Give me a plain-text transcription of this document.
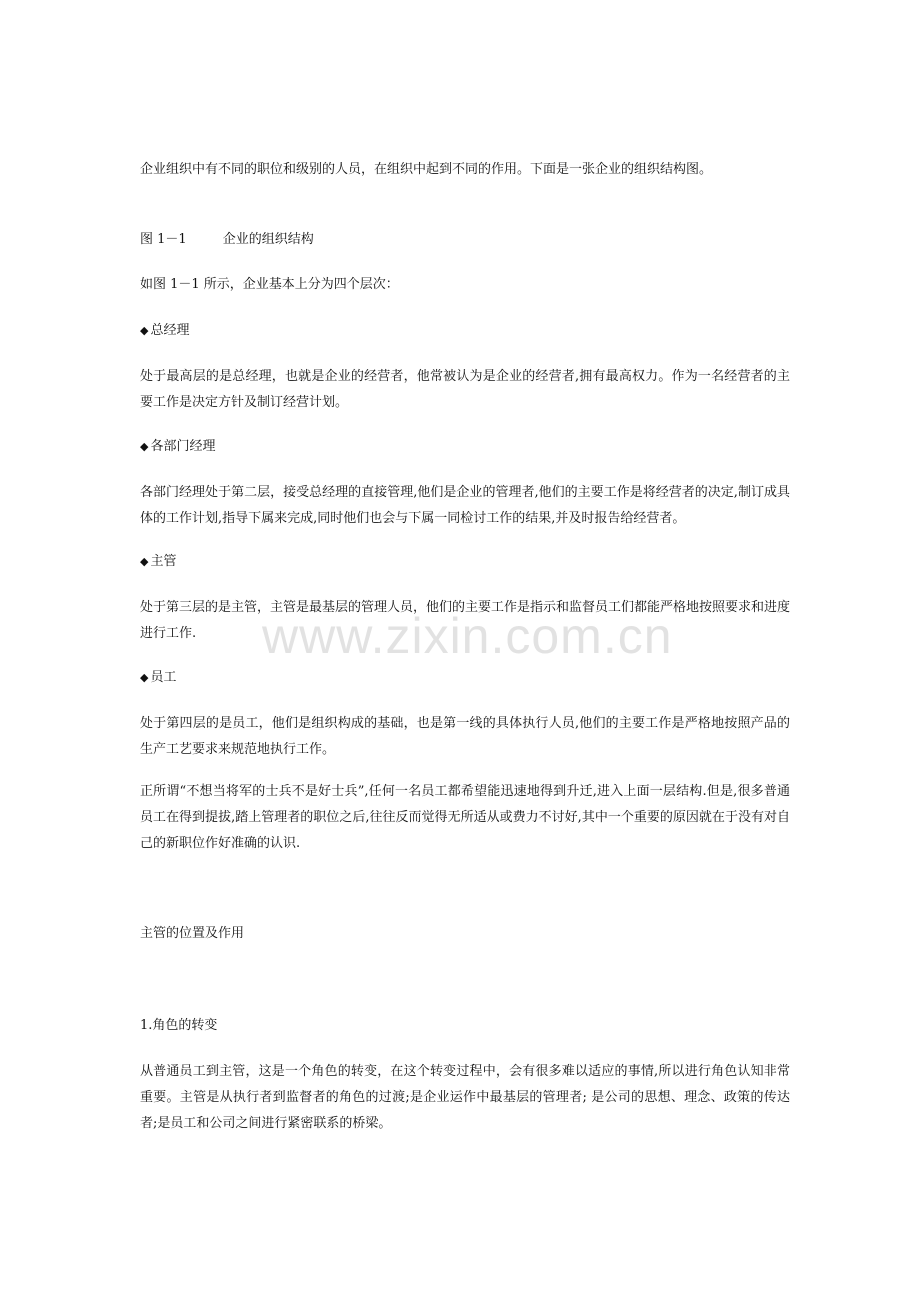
企业组织中有不同的职位和级别的人员，在组织中起到不同的作用。下面是一张企业的组织结构图。

图 1－1	企业的组织结构

如图 1－1 所示，企业基本上分为四个层次：

◆ 总经理

处于最高层的是总经理，也就是企业的经营者，他常被认为是企业的经营者,拥有最高权力。作为一名经营者的主要工作是决定方针及制订经营计划。

◆ 各部门经理

各部门经理处于第二层，接受总经理的直接管理,他们是企业的管理者,他们的主要工作是将经营者的决定,制订成具体的工作计划,指导下属来完成,同时他们也会与下属一同检讨工作的结果,并及时报告给经营者。

◆ 主管

处于第三层的是主管，主管是最基层的管理人员，他们的主要工作是指示和监督员工们都能严格地按照要求和进度进行工作.

◆ 员工

处于第四层的是员工，他们是组织构成的基础，也是第一线的具体执行人员,他们的主要工作是严格地按照产品的生产工艺要求来规范地执行工作。

正所谓“不想当将军的士兵不是好士兵”,任何一名员工都希望能迅速地得到升迁,进入上面一层结构.但是,很多普通员工在得到提拔,踏上管理者的职位之后,往往反而觉得无所适从或费力不讨好,其中一个重要的原因就在于没有对自己的新职位作好准确的认识.

主管的位置及作用

1.角色的转变

从普通员工到主管，这是一个角色的转变，在这个转变过程中，会有很多难以适应的事情,所以进行角色认知非常重要。主管是从执行者到监督者的角色的过渡;是企业运作中最基层的管理者; 是公司的思想、理念、政策的传达者;是员工和公司之间进行紧密联系的桥梁。

www.zixin.com.cn
